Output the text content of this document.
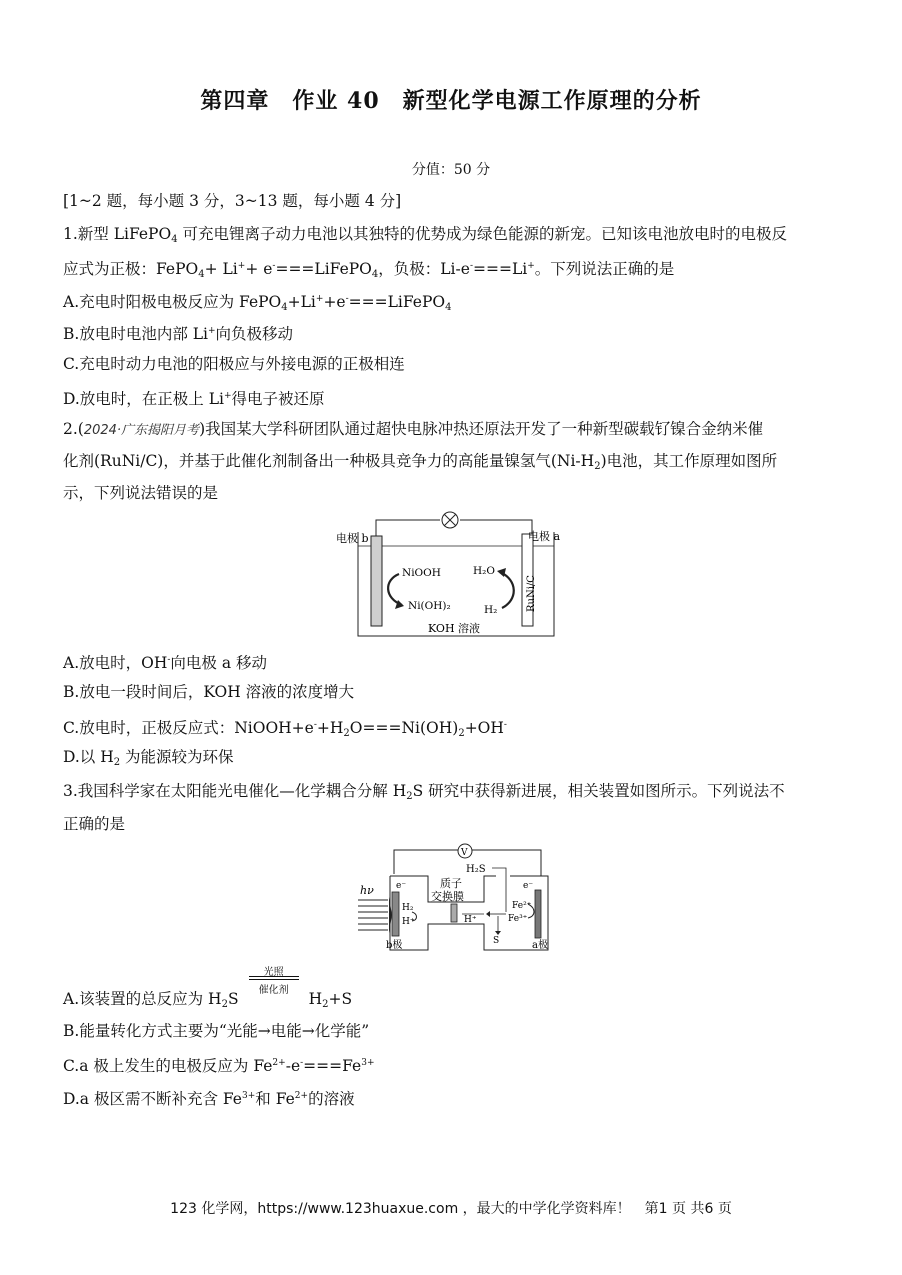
第四章　作业 40　新型化学电源工作原理的分析
分值：50 分
[1~2 题，每小题 3 分，3~13 题，每小题 4 分]
1.新型 LiFePO$_4$ 可充电锂离子动力电池以其独特的优势成为绿色能源的新宠。已知该电池放电时的电极反
应式为正极：FePO$_4$+ Li++ e-===LiFePO$_4$，负极：Li-e-===Li+。下列说法正确的是
A.充电时阳极电极反应为 FePO$_4$+Li++e-===LiFePO$_4$
B.放电时电池内部 Li+向负极移动
C.充电时动力电池的阳极应与外接电源的正极相连
D.放电时，在正极上 Li+得电子被还原
2.(2024·广东揭阳月考)我国某大学科研团队通过超快电脉冲热还原法开发了一种新型碳载钌镍合金纳米催
化剂(RuNi/C)，并基于此催化剂制备出一种极具竞争力的高能量镍氢气$(Ni-H_2)$电池，其工作原理如图所
示，下列说法错误的是
电极 b	电极 a
NiOOH
Ni(OH)₂
H₂O
H₂	RuNi/C
KOH 溶液
A.放电时，OH-向电极 a 移动
B.放电一段时间后，KOH 溶液的浓度增大
C.放电时，正极反应式：$NiOOH+e^-+H_2O===Ni(OH)_2+OH^-$
D.以 $H_2$ 为能源较为环保
3.我国科学家在太阳能光电催化—化学耦合分解 $H_2S$ 研究中获得新进展，相关装置如图所示。下列说法不
正确的是
V
hν e⁻	e⁻
H₂
H⁺
质子
交换膜
H⁺
H₂S
S
Fe²⁺
Fe³⁺
b极	a极
A.该装置的总反应为 $H_2S$
光照
催化剂	$H_2+S$
B.能量转化方式主要为“光能→电能→化学能”
C.a 极上发生的电极反应为 $Fe^{2+}-e^-===Fe^{3+}$
D.a 极区需不断补充含 $Fe^{3+}$和 $Fe^{2+}$的溶液
123 化学网，https://www.123huaxue.com ，最大的中学化学资料库！　第1 页 共6 页
